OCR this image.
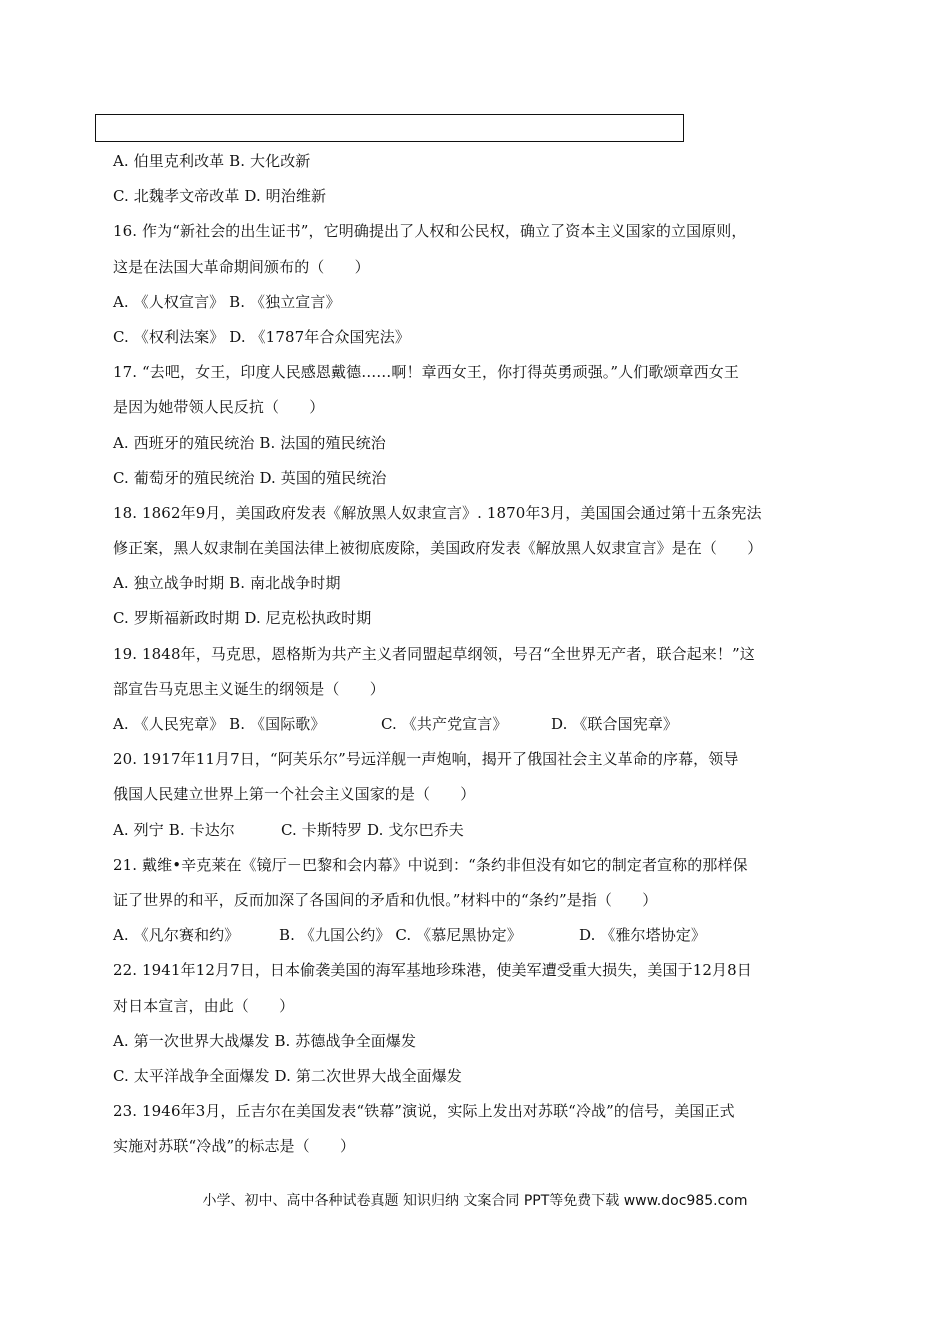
A. 伯里克利改革 B. 大化改新
C. 北魏孝文帝改革 D. 明治维新
16. 作为“新社会的出生证书”，它明确提出了人权和公民权，确立了资本主义国家的立国原则，
这是在法国大革命期间颁布的（　　）
A. 《人权宣言》 B. 《独立宣言》
C. 《权利法案》 D. 《1787年合众国宪法》
17. “去吧，女王，印度人民感恩戴德……啊！章西女王，你打得英勇顽强。”人们歌颂章西女王
是因为她带领人民反抗（　　）
A. 西班牙的殖民统治 B. 法国的殖民统治
C. 葡萄牙的殖民统治 D. 英国的殖民统治
18. 1862年9月，美国政府发表《解放黑人奴隶宣言》. 1870年3月，美国国会通过第十五条宪法
修正案，黑人奴隶制在美国法律上被彻底废除，美国政府发表《解放黑人奴隶宣言》是在（　　）
A. 独立战争时期 B. 南北战争时期
C. 罗斯福新政时期 D. 尼克松执政时期
19. 1848年，马克思，恩格斯为共产主义者同盟起草纲领，号召“全世界无产者，联合起来！”这
部宣告马克思主义诞生的纲领是（　　）
A. 《人民宪章》 B. 《国际歌》	C. 《共产党宣言》	D. 《联合国宪章》
20. 1917年11月7日，“阿芙乐尔”号远洋舰一声炮响，揭开了俄国社会主义革命的序幕，领导
俄国人民建立世界上第一个社会主义国家的是（　　）
A. 列宁 B. 卡达尔	C. 卡斯特罗 D. 戈尔巴乔夫
21. 戴维•辛克莱在《镜厅－巴黎和会内幕》中说到：“条约非但没有如它的制定者宣称的那样保
证了世界的和平，反而加深了各国间的矛盾和仇恨。”材料中的“条约”是指（　　）
A. 《凡尔赛和约》	B. 《九国公约》 C. 《慕尼黑协定》	D. 《雅尔塔协定》
22. 1941年12月7日，日本偷袭美国的海军基地珍珠港，使美军遭受重大损失，美国于12月8日
对日本宣言，由此（　　）
A. 第一次世界大战爆发 B. 苏德战争全面爆发
C. 太平洋战争全面爆发 D. 第二次世界大战全面爆发
23. 1946年3月，丘吉尔在美国发表“铁幕”演说，实际上发出对苏联“冷战”的信号，美国正式
实施对苏联“冷战”的标志是（　　）
小学、初中、高中各种试卷真题 知识归纳 文案合同 PPT等免费下载 www.doc985.com
